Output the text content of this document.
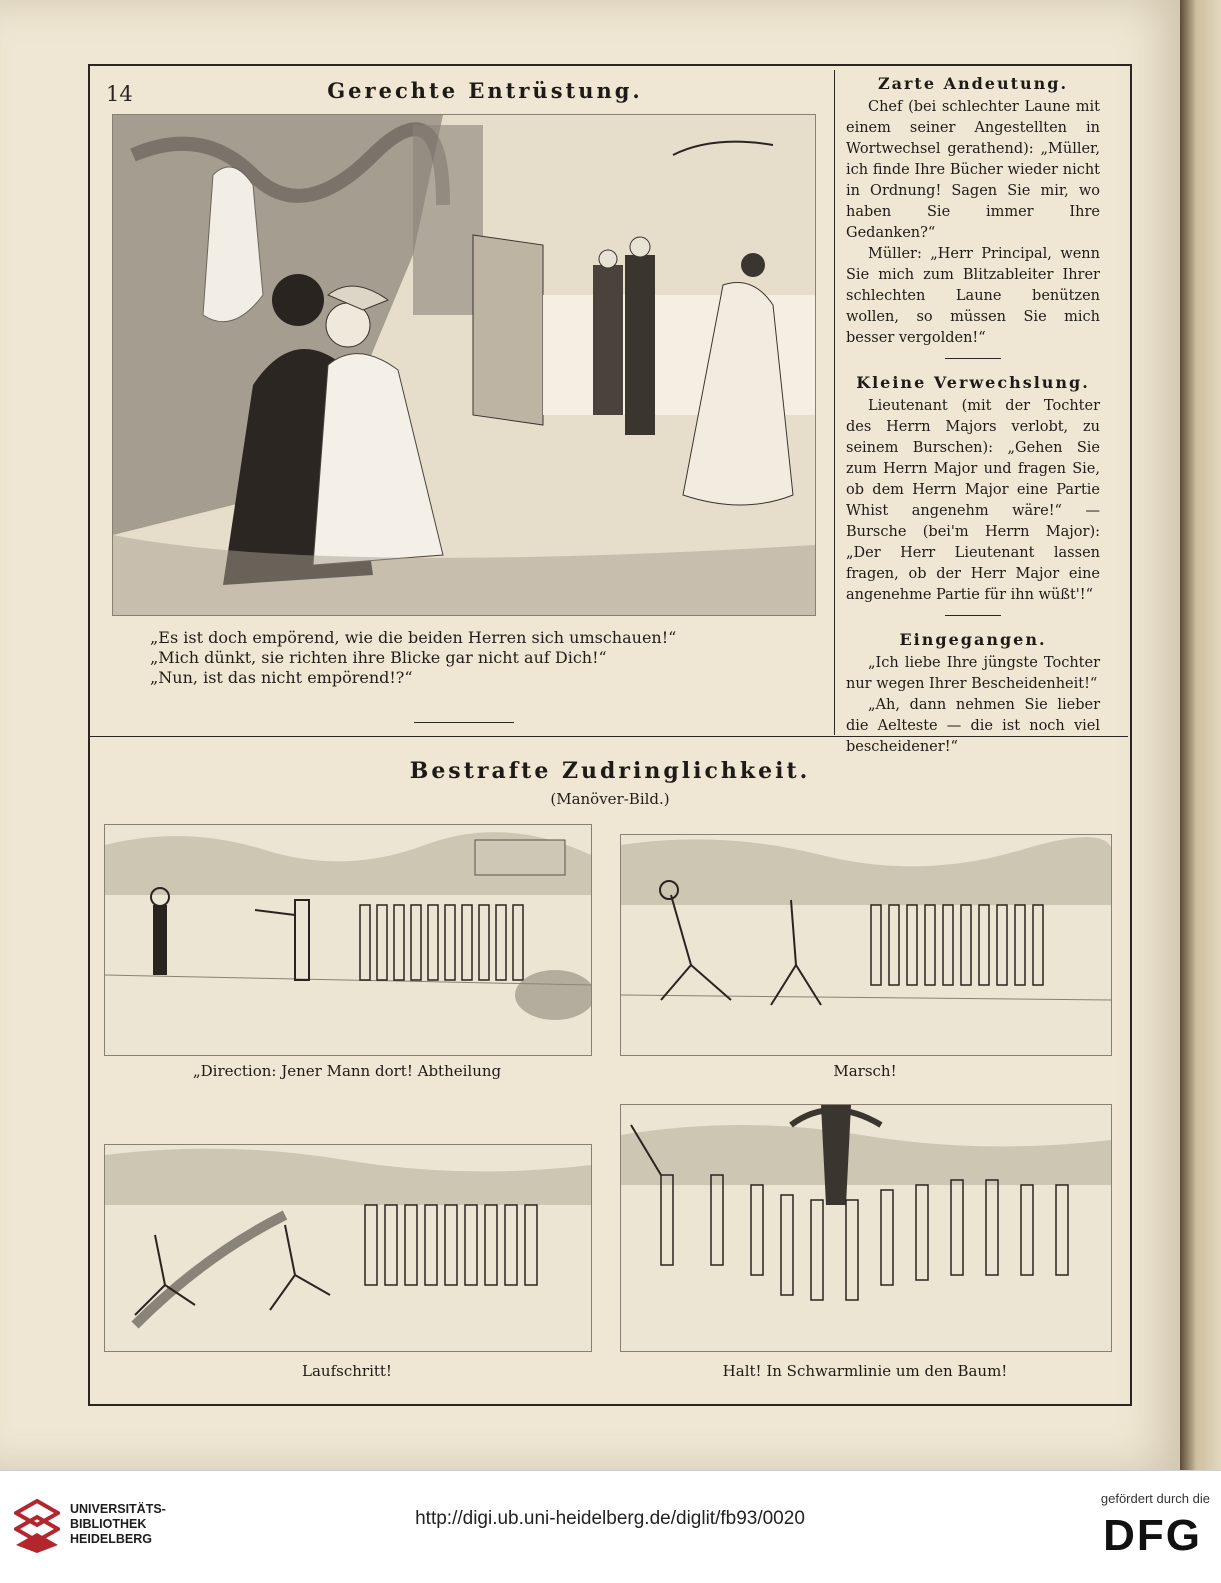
14	Gerechte Entrüstung.
„Es ist doch empörend, wie die beiden Herren sich umschauen!“
„Mich dünkt, sie richten ihre Blicke gar nicht auf Dich!“
„Nun, ist das nicht empörend!?“
Zarte Andeutung.

Chef (bei schlechter Laune mit einem seiner Angestellten in Wortwechsel gerathend): „Müller, ich finde Ihre Bücher wieder nicht in Ordnung! Sagen Sie mir, wo haben Sie immer Ihre Gedanken?“

Müller: „Herr Principal, wenn Sie mich zum Blitzableiter Ihrer schlechten Laune benützen wollen, so müssen Sie mich besser vergolden!“

Kleine Verwechslung.

Lieutenant (mit der Tochter des Herrn Majors verlobt, zu seinem Burschen): „Gehen Sie zum Herrn Major und fragen Sie, ob dem Herrn Major eine Partie Whist angenehm wäre!“ — Bursche (bei'm Herrn Major): „Der Herr Lieutenant lassen fragen, ob der Herr Major eine angenehme Partie für ihn wüßt'!“

Eingegangen.

„Ich liebe Ihre jüngste Tochter nur wegen Ihrer Bescheidenheit!“

„Ah, dann nehmen Sie lieber die Aelteste — die ist noch viel bescheidener!“

Bestrafte Zudringlichkeit.
(Manöver-Bild.)
„Direction: Jener Mann dort! Abtheilung	Marsch!
Laufschritt!	Halt! In Schwarmlinie um den Baum!
UNIVERSITÄTS-
BIBLIOTHEK
HEIDELBERG
http://digi.ub.uni-heidelberg.de/diglit/fb93/0020
gefördert durch die
DFG
